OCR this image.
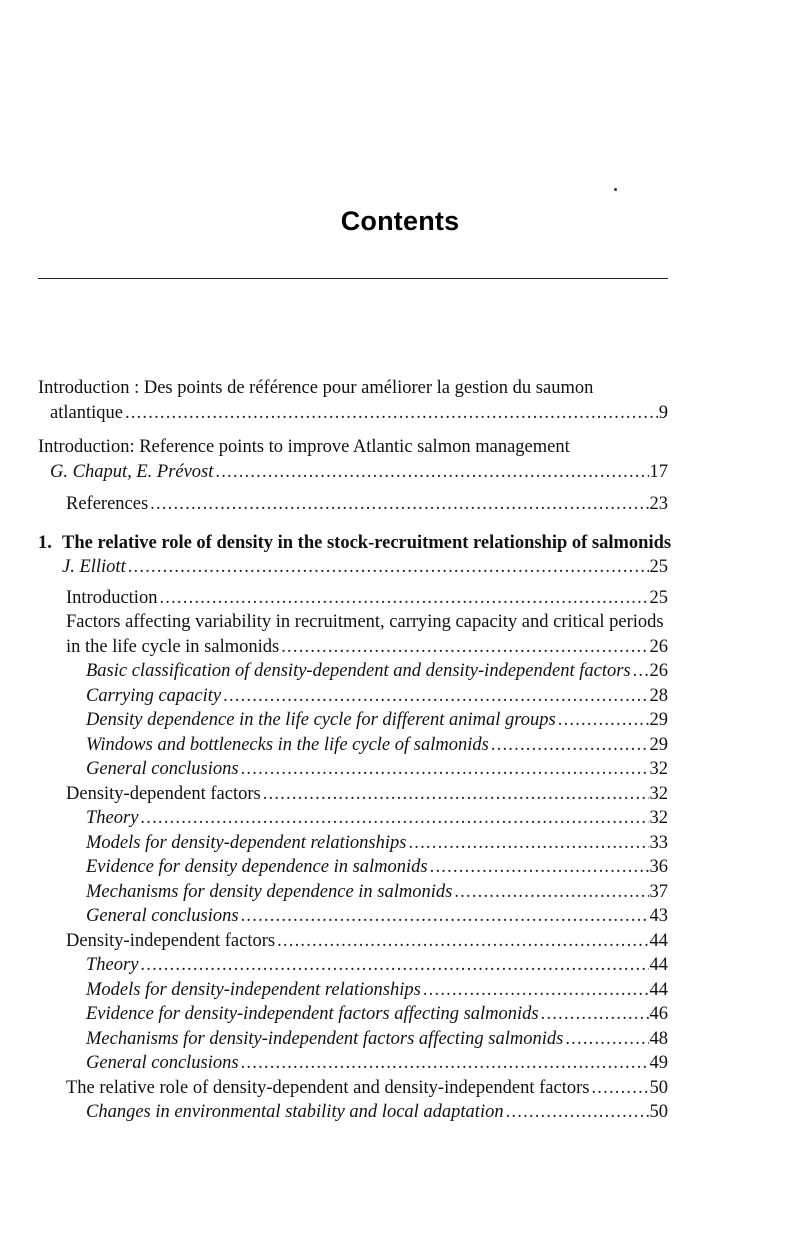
Contents
Introduction : Des points de référence pour améliorer la gestion du saumon
atlantique .....	9
Introduction: Reference points to improve Atlantic salmon management
G. Chaput, E. Prévost .....	17
References .....	23
1. The relative role of density in the stock-recruitment relationship of salmonids
J. Elliott .....	25
Introduction .....	25
Factors affecting variability in recruitment, carrying capacity and critical periods
in the life cycle in salmonids .....	26
Basic classification of density-dependent and density-independent factors ..... 26
Carrying capacity .....	28
Density dependence in the life cycle for different animal groups .....	29
Windows and bottlenecks in the life cycle of salmonids .....	29
General conclusions .....	32
Density-dependent factors .....	32
Theory .....	32
Models for density-dependent relationships .....	33
Evidence for density dependence in salmonids .....	36
Mechanisms for density dependence in salmonids .....	37
General conclusions .....	43
Density-independent factors .....	44
Theory .....	44
Models for density-independent relationships .....	44
Evidence for density-independent factors affecting salmonids .....	46
Mechanisms for density-independent factors affecting salmonids .....	48
General conclusions .....	49
The relative role of density-dependent and density-independent factors .....	50
Changes in environmental stability and local adaptation .....	50
